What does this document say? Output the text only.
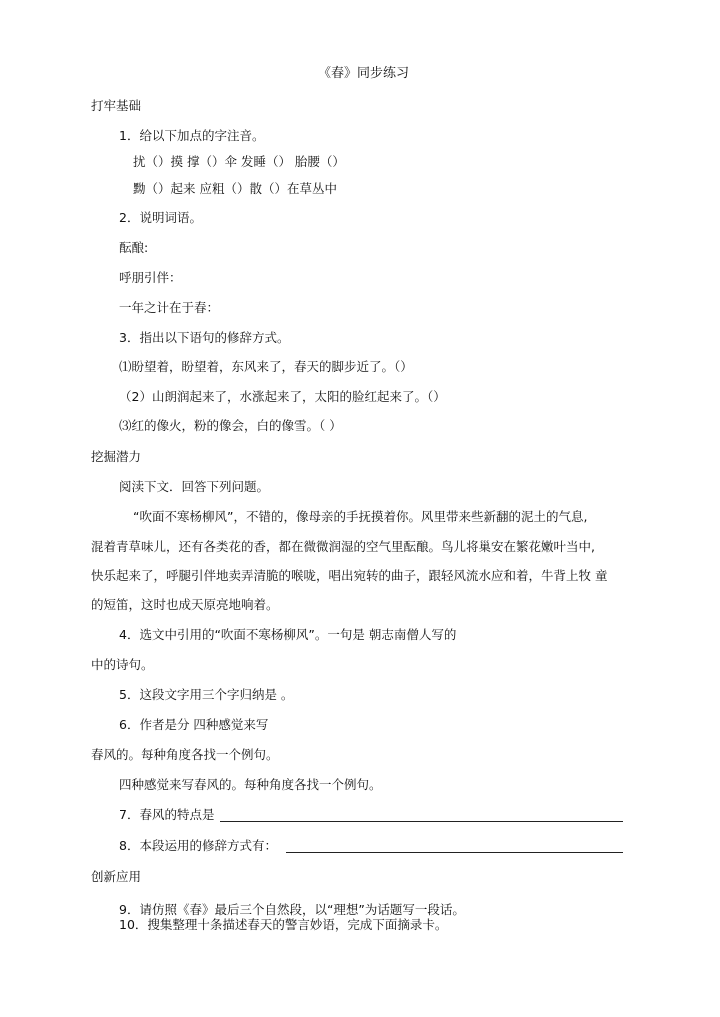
《春》同步练习
打牢基础
1．给以下加点的字注音。
扰（）摸 撑（）伞 发睡（） 胎腰（）
黝（）起来 应粗（）散（）在草丛中
2．说明词语。
酝酿:
呼朋引伴：
一年之计在于春：
3．指出以下语句的修辞方式。
⑴盼望着，盼望着，东风来了，春天的脚步近了。（）
（2）山朗润起来了，水涨起来了，太阳的脸红起来了。（）
⑶红的像火，粉的像会，白的像雪。（ ）
挖掘潜力
阅渎下文．回答下列问题。
“吹面不寒杨柳风”，不错的，像母亲的手抚摸着你。风里带来些新翻的泥土的气息,
混着青草味儿，还有各类花的香，都在微微润湿的空气里酝酿。鸟儿将巢安在繁花嫩叶当中,
快乐起来了，呼腿引伴地卖弄清脆的喉咙，唱出宛转的曲子，跟轻风流水应和着，牛背上牧 童
的短笛，这时也成天原亮地响着。
4．选文中引用的“吹面不寒杨柳风”。一句是 朝志南僧人写的
中的诗句。
5．这段文字用三个字归纳是 。
6．作者是分 四种感觉来写
春风的。每种角度各找一个例句。
四种感觉来写春风的。每种角度各找一个例句。
7．春风的特点是
8．本段运用的修辞方式有：
创新应用
9．请仿照《春》最后三个自然段，以“理想”为话题写一段话。
10．搜集整理十条描述春天的警言妙语，完成下面摘录卡。
